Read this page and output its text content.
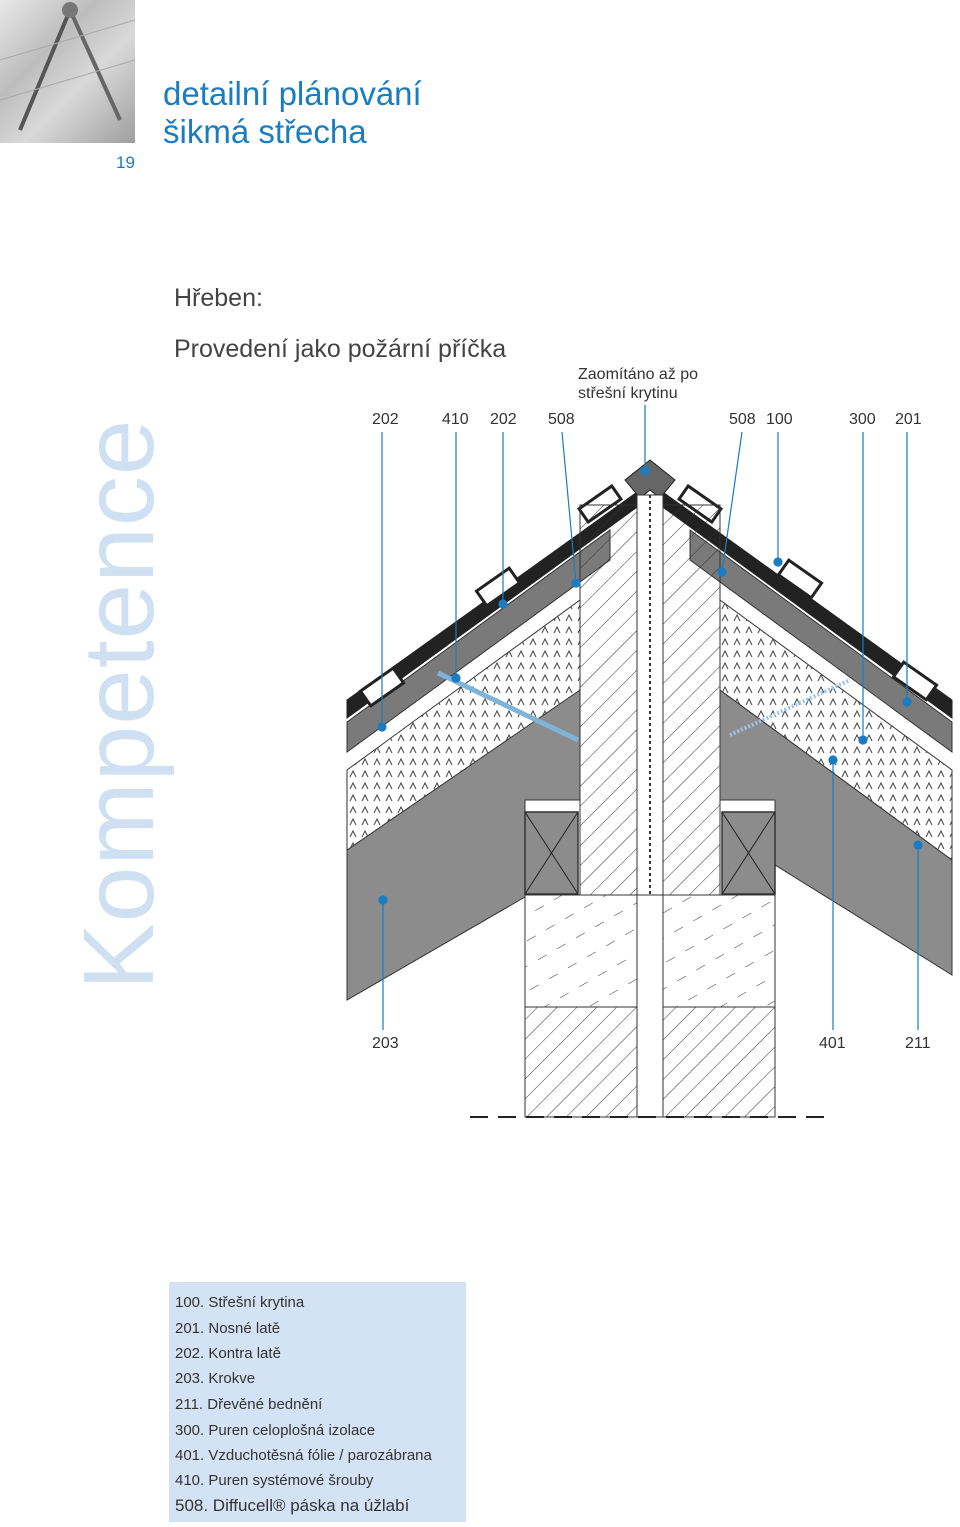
19
detailní plánování
šikmá střecha
Kompetence
Hřeben:
Provedení jako požární příčka
Zaomítáno až po
střešní krytinu
202	410 202 508	508 100	300 201
203	401	211
100. Střešní krytina
201. Nosné latě
202. Kontra latě
203. Krokve
211. Dřevěné bednění
300. Puren celoplošná izolace
401. Vzduchotěsná fólie / parozábrana
410. Puren systémové šrouby
508. Diffucell® páska na úžlabí
